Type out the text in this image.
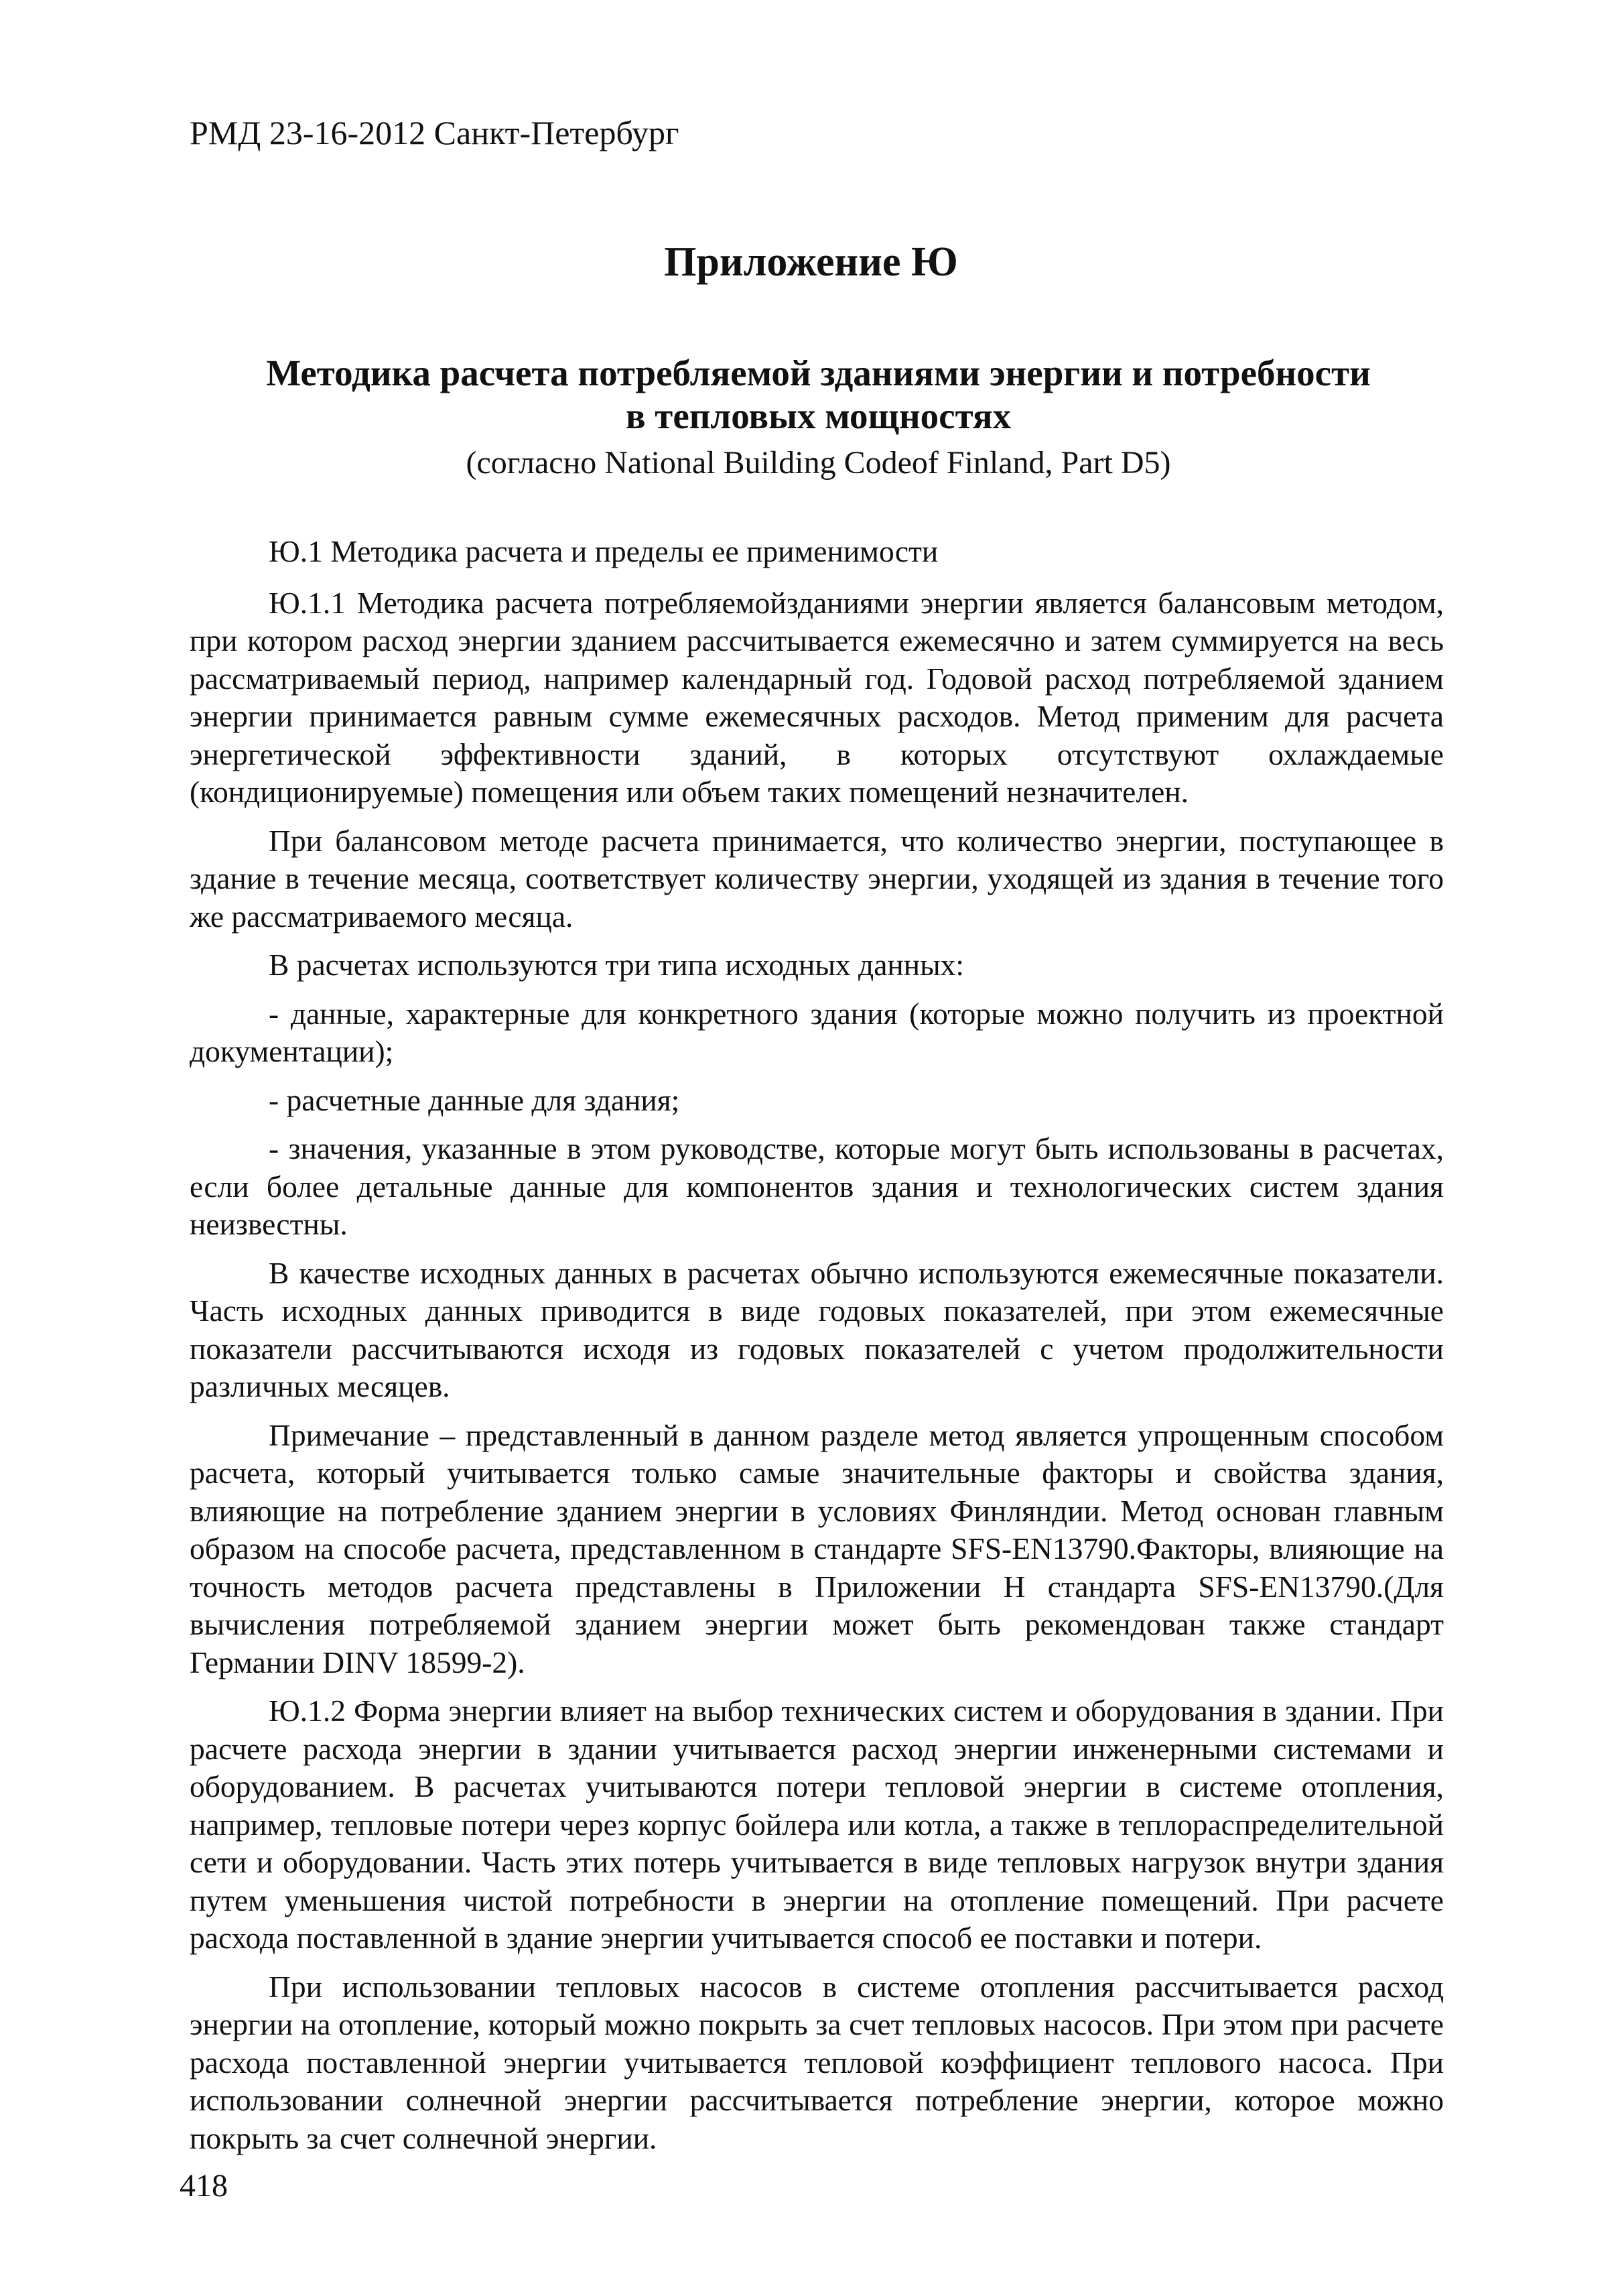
РМД 23-16-2012 Санкт-Петербург
Приложение Ю
Методика расчета потребляемой зданиями энергии и потребности
в тепловых мощностях
(согласно National Building Codeof Finland, Part D5)

Ю.1 Методика расчета и пределы ее применимости

Ю.1.1 Методика расчета потребляемойзданиями энергии является балансовым методом, при котором расход энергии зданием рассчитывается ежемесячно и затем суммируется на весь рассматриваемый период, например календарный год. Годовой расход потребляемой зданием энергии принимается равным сумме ежемесячных расходов. Метод применим для расчета энергетической эффективности зданий, в которых отсутствуют охлаждаемые (кондиционируемые) помещения или объем таких помещений незначителен.

При балансовом методе расчета принимается, что количество энергии, поступающее в здание в течение месяца, соответствует количеству энергии, уходящей из здания в течение того же рассматриваемого месяца.

В расчетах используются три типа исходных данных:

- данные, характерные для конкретного здания (которые можно получить из проектной документации);

- расчетные данные для здания;

- значения, указанные в этом руководстве, которые могут быть использованы в расчетах, если более детальные данные для компонентов здания и технологических систем здания неизвестны.

В качестве исходных данных в расчетах обычно используются ежемесячные показатели. Часть исходных данных приводится в виде годовых показателей, при этом ежемесячные показатели рассчитываются исходя из годовых показателей с учетом продолжительности различных месяцев.

Примечание – представленный в данном разделе метод является упрощенным способом расчета, который учитывается только самые значительные факторы и свойства здания, влияющие на потребление зданием энергии в условиях Финляндии. Метод основан главным образом на способе расчета, представленном в стандарте SFS-EN13790.Факторы, влияющие на точность методов расчета представлены в Приложении Н стандарта SFS-EN13790.(Для вычисления потребляемой зданием энергии может быть рекомендован также стандарт Германии DINV 18599-2).

Ю.1.2 Форма энергии влияет на выбор технических систем и оборудования в здании. При расчете расхода энергии в здании учитывается расход энергии инженерными системами и оборудованием. В расчетах учитываются потери тепловой энергии в системе отопления, например, тепловые потери через корпус бойлера или котла, а также в теплораспределительной сети и оборудовании. Часть этих потерь учитывается в виде тепловых нагрузок внутри здания путем уменьшения чистой потребности в энергии на отопление помещений. При расчете расхода поставленной в здание энергии учитывается способ ее поставки и потери.

При использовании тепловых насосов в системе отопления рассчитывается расход энергии на отопление, который можно покрыть за счет тепловых насосов. При этом при расчете расхода поставленной энергии учитывается тепловой коэффициент теплового насоса. При использовании солнечной энергии рассчитывается потребление энергии, которое можно покрыть за счет солнечной энергии.

418
